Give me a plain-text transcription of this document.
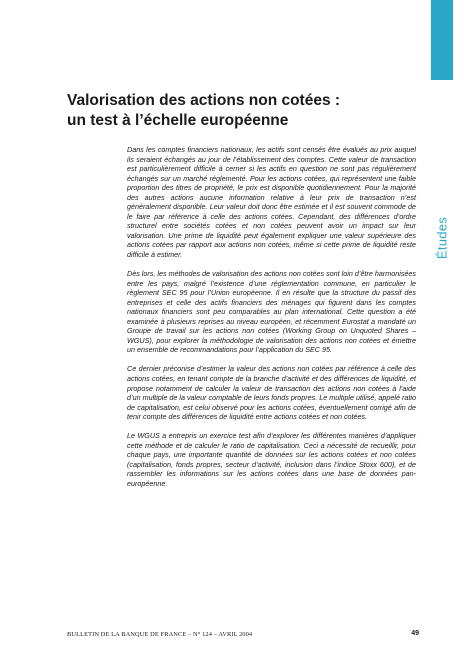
Études
Valorisation des actions non cotées :
un test à l’échelle européenne

Dans les comptes financiers nationaux, les actifs sont censés être évalués au prix auquel ils seraient échangés au jour de l’établissement des comptes. Cette valeur de transaction est particulièrement difficile à cerner si les actifs en question ne sont pas régulièrement échangés sur un marché réglementé. Pour les actions cotées, qui représentent une faible proportion des titres de propriété, le prix est disponible quotidiennement. Pour la majorité des autres actions aucune information relative à leur prix de transaction n’est généralement disponible. Leur valeur doit donc être estimée et il est souvent commode de le faire par référence à celle des actions cotées. Cependant, des différences d’ordre structurel entre sociétés cotées et non cotées peuvent avoir un impact sur leur valorisation. Une prime de liquidité peut également expliquer une valeur supérieure des actions cotées par rapport aux actions non cotées, même si cette prime de liquidité reste difficile à estimer.

Dès lors, les méthodes de valorisation des actions non cotées sont loin d’être harmonisées entre les pays, malgré l’existence d’une réglementation commune, en particulier le règlement SEC 95 pour l’Union européenne. Il en résulte que la structure du passif des entreprises et celle des actifs financiers des ménages qui figurent dans les comptes nationaux financiers sont peu comparables au plan international. Cette question a été examinée à plusieurs reprises au niveau européen, et récemment Eurostat a mandaté un Groupe de travail sur les actions non cotées (Working Group on Unquoted Shares – WGUS), pour explorer la méthodologie de valorisation des actions non cotées et émettre un ensemble de recommandations pour l’application du SEC 95.

Ce dernier préconise d’estimer la valeur des actions non cotées par référence à celle des actions cotées, en tenant compte de la branche d’activité et des différences de liquidité, et propose notamment de calculer la valeur de transaction des actions non cotées à l’aide d’un multiple de la valeur comptable de leurs fonds propres. Le multiple utilisé, appelé ratio de capitalisation, est celui observé pour les actions cotées, éventuellement corrigé afin de tenir compte des différences de liquidité entre actions cotées et non cotées.

Le WGUS a entrepris un exercice test afin d’explorer les différentes manières d’appliquer cette méthode et de calculer le ratio de capitalisation. Ceci a nécessité de recueillir, pour chaque pays, une importante quantité de données sur les actions cotées et non cotées (capitalisation, fonds propres, secteur d’activité, inclusion dans l’indice Stoxx 600), et de rassembler les informations sur les actions cotées dans une base de données pan-européenne.

BULLETIN DE LA BANQUE DE FRANCE – N° 124 – AVRIL 2004	49
